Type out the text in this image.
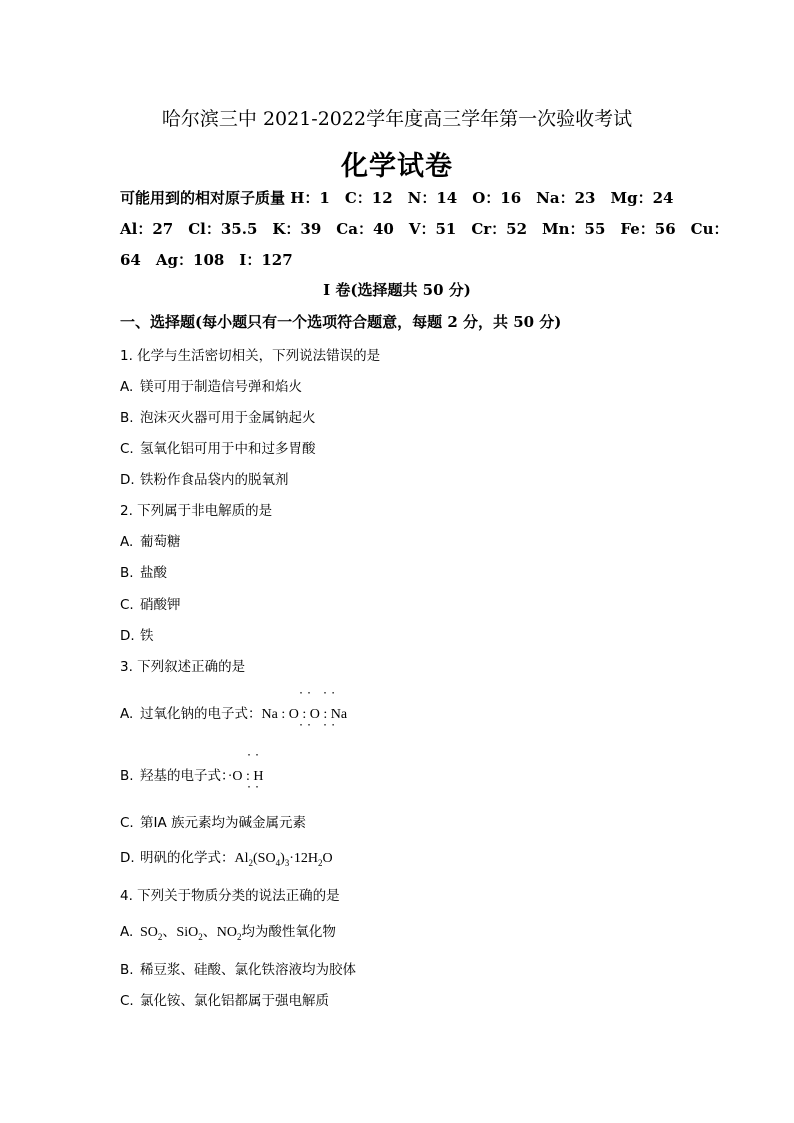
哈尔滨三中 2021-2022学年度高三学年第一次验收考试
化学试卷
可能用到的相对原子质量 H：1　C：12　N：14　O：16　Na：23　Mg：24
Al：27　Cl：35.5　K：39　Ca：40　V：51　Cr：52　Mn：55　Fe：56　Cu：
64　Ag：108　I：127
I 卷(选择题共 50 分)
一、选择题(每小题只有一个选项符合题意，每题 2 分，共 50 分)
1. 化学与生活密切相关，下列说法错误的是
A. 镁可用于制造信号弹和焰火
B. 泡沫灭火器可用于金属钠起火
C. 氢氧化铝可用于中和过多胃酸
D. 铁粉作食品袋内的脱氧剂
2. 下列属于非电解质的是
A. 葡萄糖
B. 盐酸
C. 硝酸钾
D. 铁
3. 下列叙述正确的是
A. 过氧化钠的电子式：Na : O : O : Na
·· ··
·· ··
B. 羟基的电子式：·O : H
··
··
C. 第ⅠA 族元素均为碱金属元素
D. 明矾的化学式：$Al_2(SO_4)_3\cdot 12H_2O$
4. 下列关于物质分类的说法正确的是
A. $SO_2$、SiO$_2$、$NO_2$均为酸性氧化物
B. 稀豆浆、硅酸、氯化铁溶液均为胶体
C. 氯化铵、氯化铝都属于强电解质
